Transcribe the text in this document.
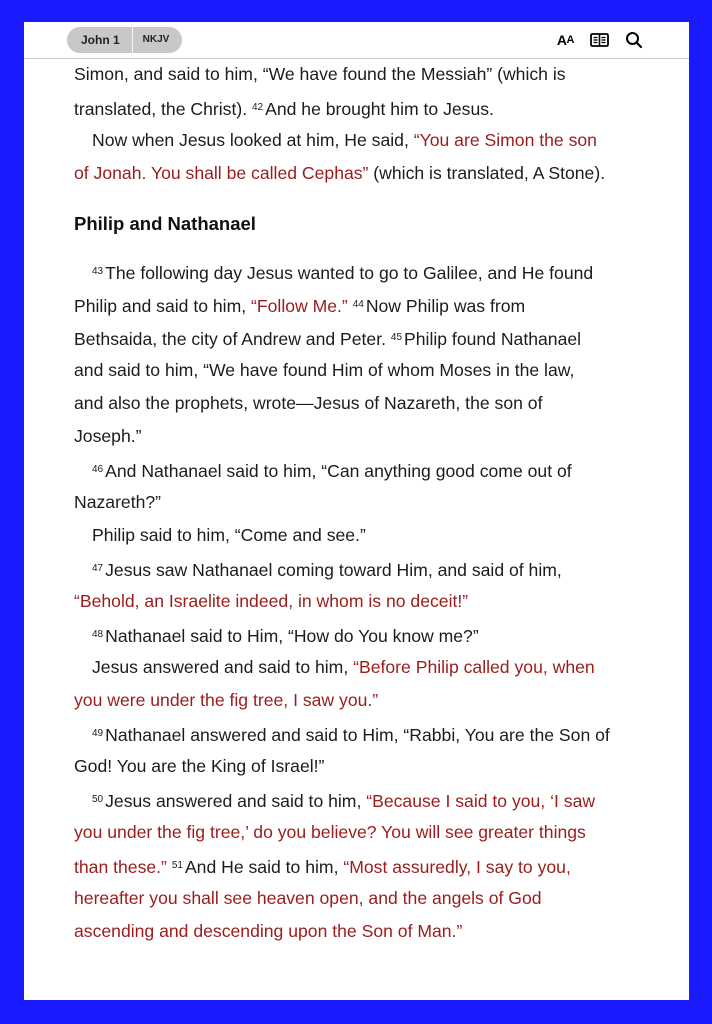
John 1	NKJV	A A
Simon, and said to him, “We have found the Messiah” (which is
translated, the Christ). $^{42}$ And he brought him to Jesus.
Now when Jesus looked at him, He said, “You are Simon the son
of Jonah. You shall be called Cephas” (which is translated, A Stone).
Philip and Nathanael
$^{43}$ The following day Jesus wanted to go to Galilee, and He found
Philip and said to him, “Follow Me.” $^{44}$ Now Philip was from
Bethsaida, the city of Andrew and Peter. $^{45}$ Philip found Nathanael
and said to him, “We have found Him of whom Moses in the law,
and also the prophets, wrote—Jesus of Nazareth, the son of
Joseph.”
$^{46}$ And Nathanael said to him, “Can anything good come out of
Nazareth?”
Philip said to him, “Come and see.”
$^{47}$ Jesus saw Nathanael coming toward Him, and said of him,
“Behold, an Israelite indeed, in whom is no deceit!”
$^{48}$ Nathanael said to Him, “How do You know me?”
Jesus answered and said to him, “Before Philip called you, when
you were under the fig tree, I saw you.”
$^{49}$ Nathanael answered and said to Him, “Rabbi, You are the Son of
God! You are the King of Israel!”
$^{50}$ Jesus answered and said to him, “Because I said to you, ‘I saw
you under the fig tree,’ do you believe? You will see greater things
than these.” $^{51}$ And He said to him, “Most assuredly, I say to you,
hereafter you shall see heaven open, and the angels of God
ascending and descending upon the Son of Man.”
